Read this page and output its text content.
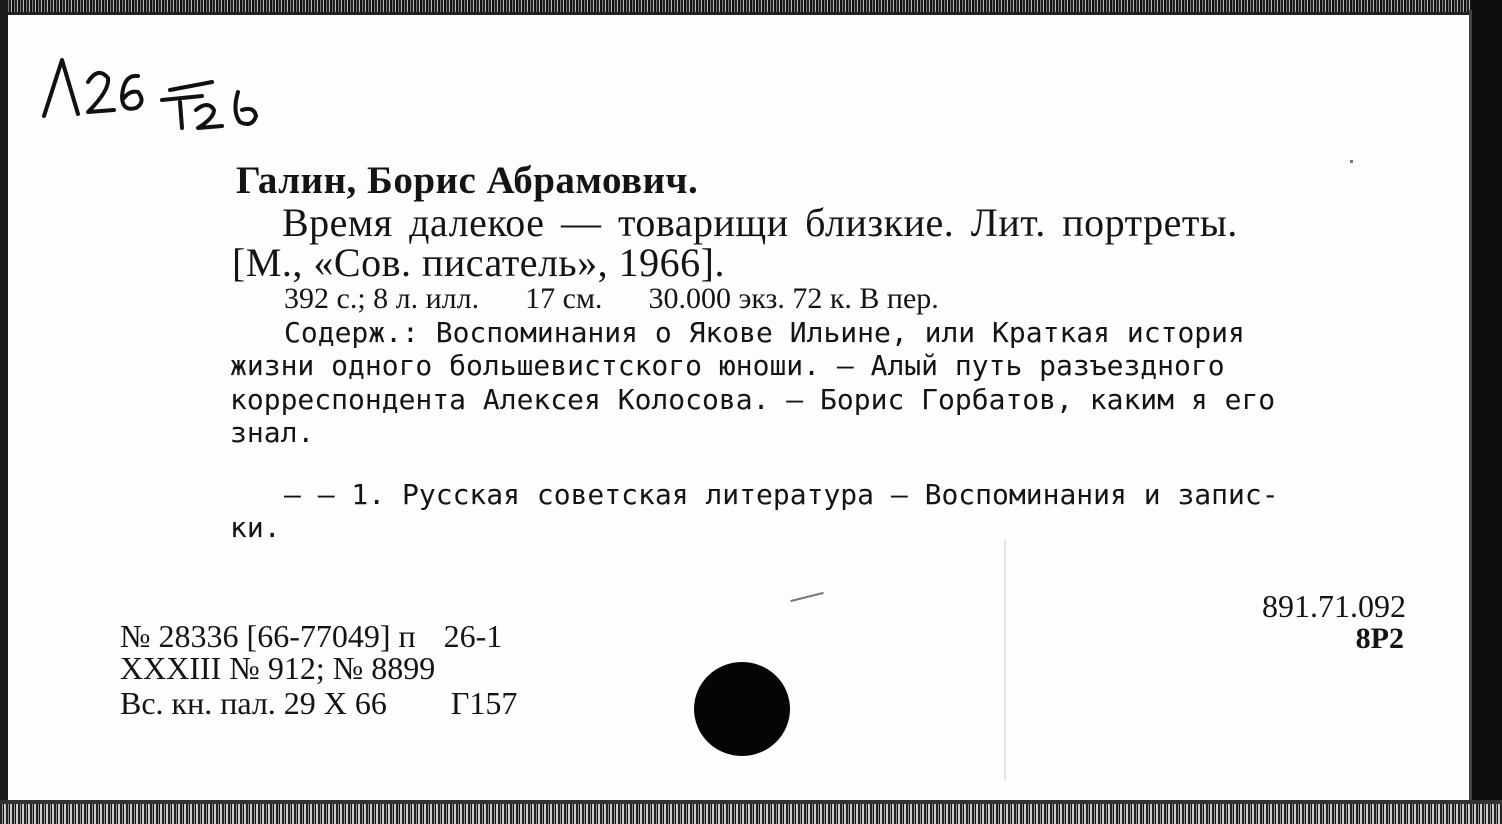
Галин, Борис Абрамович.

Время далекое — товарищи близкие. Лит. портреты.

[М., «Сов. писатель», 1966].

392 с.; 8 л. илл. 17 см. 30.000 экз. 72 к. В пер.

Содерж.: Воспоминания о Якове Ильине, или Краткая история

жизни одного большевистского юноши. — Алый путь разъездного

корреспондента Алексея Колосова. — Борис Горбатов, каким я его

знал.

— — 1. Русская советская литература — Воспоминания и запис-

ки.

891.71.092

8Р2

№ 28336 [66-77049] п 26-1

XXXIII № 912; № 8899

Вс. кн. пал. 29 X 66 Г157
